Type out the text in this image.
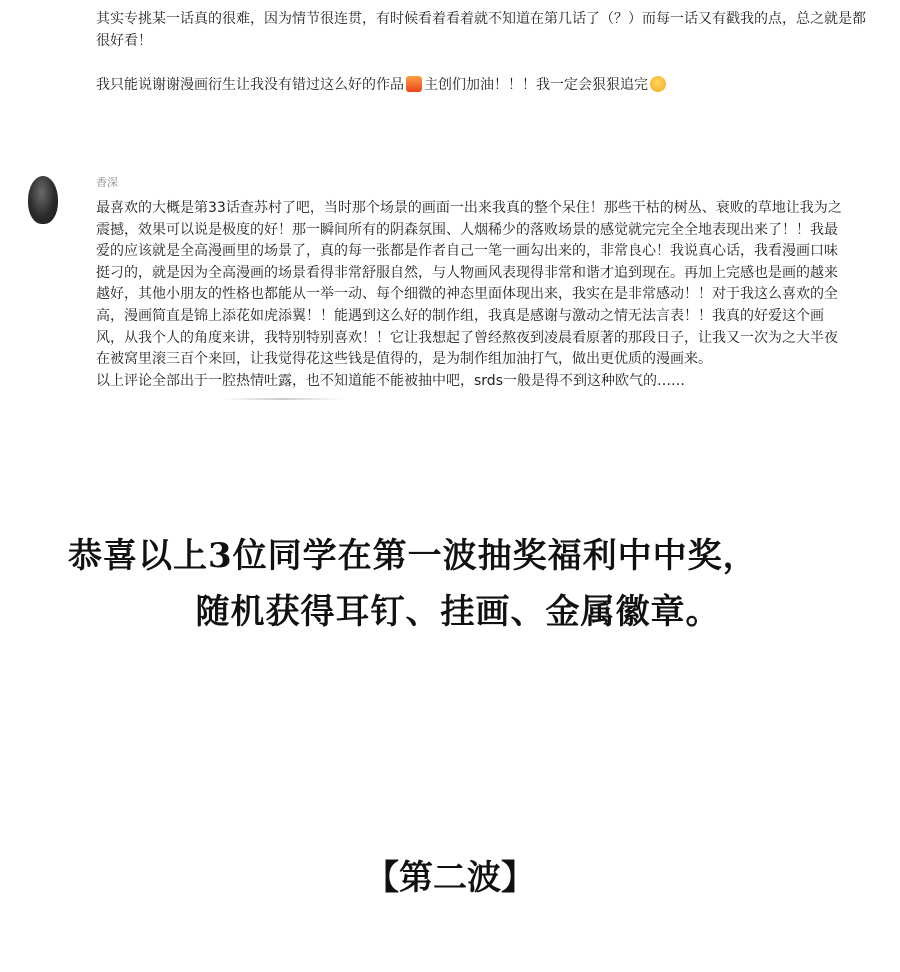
其实专挑某一话真的很难，因为情节很连贯，有时候看着看着就不知道在第几话了（？）而每一话又有戳我的点，总之就是都很好看！
我只能说谢谢漫画衍生让我没有错过这么好的作品 主创们加油！！！我一定会狠狠追完
香深
最喜欢的大概是第33话查苏村了吧，当时那个场景的画面一出来我真的整个呆住！那些干枯的树丛、衰败的草地让我为之
震撼，效果可以说是极度的好！那一瞬间所有的阴森氛围、人烟稀少的落败场景的感觉就完完全全地表现出来了！！我最
爱的应该就是全高漫画里的场景了，真的每一张都是作者自己一笔一画勾出来的，非常良心！我说真心话，我看漫画口味
挺刁的，就是因为全高漫画的场景看得非常舒服自然，与人物画风表现得非常和谐才追到现在。再加上完感也是画的越来
越好，其他小朋友的性格也都能从一举一动、每个细微的神态里面体现出来，我实在是非常感动！！对于我这么喜欢的全
高，漫画简直是锦上添花如虎添翼！！能遇到这么好的制作组，我真是感谢与激动之情无法言表！！我真的好爱这个画
风，从我个人的角度来讲，我特别特别喜欢！！它让我想起了曾经熬夜到凌晨看原著的那段日子，让我又一次为之大半夜
在被窝里滚三百个来回，让我觉得花这些钱是值得的，是为制作组加油打气，做出更优质的漫画来。
以上评论全部出于一腔热情吐露，也不知道能不能被抽中吧，srds一般是得不到这种欧气的……
恭喜以上3位同学在第一波抽奖福利中中奖，
随机获得耳钉、挂画、金属徽章。
【第二波】
